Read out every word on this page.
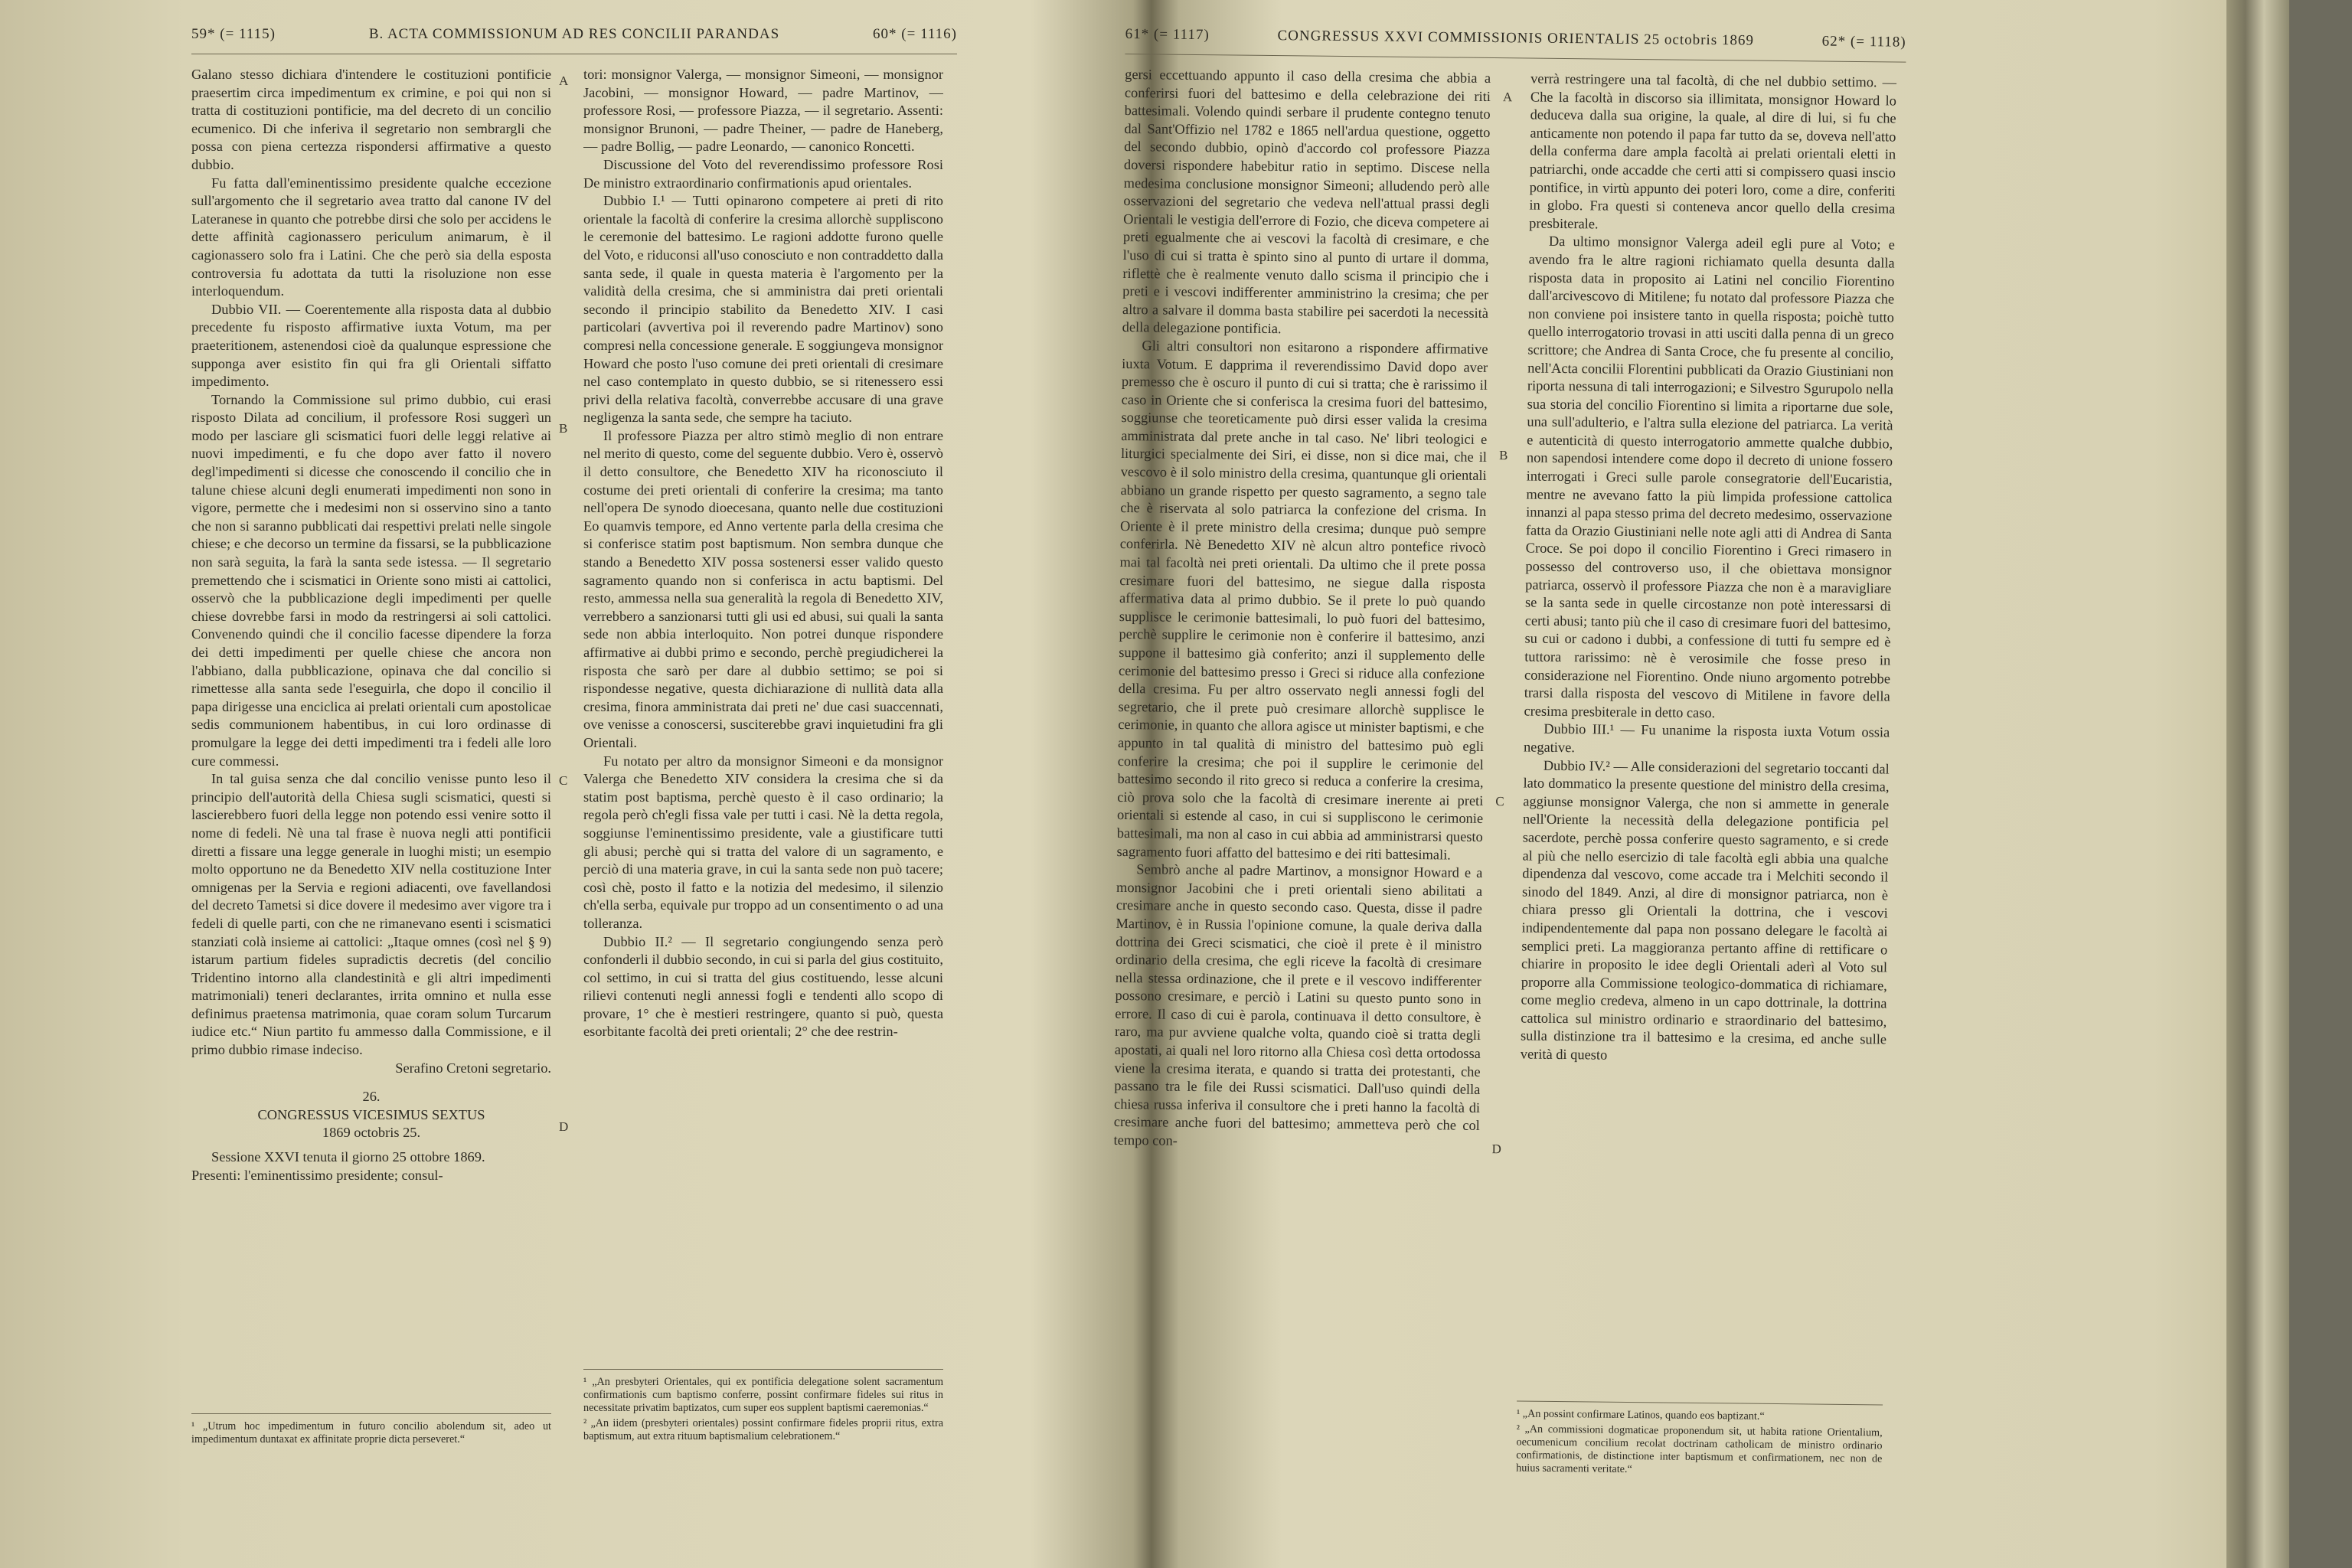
59* (= 1115)	B. ACTA COMMISSIONUM AD RES CONCILII PARANDAS	60* (= 1116)

Galano stesso dichiara d'intendere le costituzioni pontificie praesertim circa impedimentum ex crimine, e poi qui non si tratta di costituzioni pontificie, ma del decreto di un concilio ecumenico. Di che inferiva il segretario non sembrargli che possa con piena certezza rispondersi affirmative a questo dubbio.

Fu fatta dall'eminentissimo presidente qualche eccezione sull'argomento che il segretario avea tratto dal canone IV del Lateranese in quanto che potrebbe dirsi che solo per accidens le dette affinità cagionassero periculum animarum, è il cagionassero solo fra i Latini. Che che però sia della esposta controversia fu adottata da tutti la risoluzione non esse interloquendum.

Dubbio VII. — Coerentemente alla risposta data al dubbio precedente fu risposto affirmative iuxta Votum, ma per praeteritionem, astenendosi cioè da qualunque espressione che supponga aver esistito fin qui fra gli Orientali siffatto impedimento.

Tornando la Commissione sul primo dubbio, cui erasi risposto Dilata ad concilium, il professore Rosi suggerì un modo per lasciare gli scismatici fuori delle leggi relative ai nuovi impedimenti, e fu che dopo aver fatto il novero degl'impedimenti si dicesse che conoscendo il concilio che in talune chiese alcuni degli enumerati impedimenti non sono in vigore, permette che i medesimi non si osservino sino a tanto che non si saranno pubblicati dai respettivi prelati nelle singole chiese; e che decorso un termine da fissarsi, se la pubblicazione non sarà seguita, la farà la santa sede istessa. — Il segretario premettendo che i scismatici in Oriente sono misti ai cattolici, osservò che la pubblicazione degli impedimenti per quelle chiese dovrebbe farsi in modo da restringersi ai soli cattolici. Convenendo quindi che il concilio facesse dipendere la forza dei detti impedimenti per quelle chiese che ancora non l'abbiano, dalla pubblicazione, opinava che dal concilio si rimettesse alla santa sede l'eseguirla, che dopo il concilio il papa dirigesse una enciclica ai prelati orientali cum apostolicae sedis communionem habentibus, in cui loro ordinasse di promulgare la legge dei detti impedimenti tra i fedeli alle loro cure commessi.

In tal guisa senza che dal concilio venisse punto leso il principio dell'autorità della Chiesa sugli scismatici, questi si lascierebbero fuori della legge non potendo essi venire sotto il nome di fedeli. Nè una tal frase è nuova negli atti pontificii diretti a fissare una legge generale in luoghi misti; un esempio molto opportuno ne da Benedetto XIV nella costituzione Inter omnigenas per la Servia e regioni adiacenti, ove favellandosi del decreto Tametsi si dice dovere il medesimo aver vigore tra i fedeli di quelle parti, con che ne rimanevano esenti i scismatici stanziati colà insieme ai cattolici: „Itaque omnes (così nel § 9) istarum partium fideles supradictis decretis (del concilio Tridentino intorno alla clandestinità e gli altri impedimenti matrimoniali) teneri declarantes, irrita omnino et nulla esse definimus praetensa matrimonia, quae coram solum Turcarum iudice etc.“ Niun partito fu ammesso dalla Commissione, e il primo dubbio rimase indeciso.

Serafino Cretoni segretario.

26.

CONGRESSUS VICESIMUS SEXTUS

1869 octobris 25.

Sessione XXVI tenuta il giorno 25 ottobre 1869.

Presenti: l'eminentissimo presidente; consul-

tori: monsignor Valerga, — monsignor Simeoni, — monsignor Jacobini, — monsignor Howard, — padre Martinov, — professore Rosi, — professore Piazza, — il segretario. Assenti: monsignor Brunoni, — padre Theiner, — padre de Haneberg, — padre Bollig, — padre Leonardo, — canonico Roncetti.

Discussione del Voto del reverendissimo professore Rosi De ministro extraordinario confirmationis apud orientales.

Dubbio I.¹ — Tutti opinarono competere ai preti di rito orientale la facoltà di conferire la cresima allorchè suppliscono le ceremonie del battesimo. Le ragioni addotte furono quelle del Voto, e riduconsi all'uso conosciuto e non contraddetto dalla santa sede, il quale in questa materia è l'argomento per la validità della cresima, che si amministra dai preti orientali secondo il principio stabilito da Benedetto XIV. I casi particolari (avvertiva poi il reverendo padre Martinov) sono compresi nella concessione generale. E soggiungeva monsignor Howard che posto l'uso comune dei preti orientali di cresimare nel caso contemplato in questo dubbio, se si ritenessero essi privi della relativa facoltà, converrebbe accusare di una grave negligenza la santa sede, che sempre ha taciuto.

Il professore Piazza per altro stimò meglio di non entrare nel merito di questo, come del seguente dubbio. Vero è, osservò il detto consultore, che Benedetto XIV ha riconosciuto il costume dei preti orientali di conferire la cresima; ma tanto nell'opera De synodo dioecesana, quanto nelle due costituzioni Eo quamvis tempore, ed Anno vertente parla della cresima che si conferisce statim post baptismum. Non sembra dunque che stando a Benedetto XIV possa sostenersi esser valido questo sagramento quando non si conferisca in actu baptismi. Del resto, ammessa nella sua generalità la regola di Benedetto XIV, verrebbero a sanzionarsi tutti gli usi ed abusi, sui quali la santa sede non abbia interloquito. Non potrei dunque rispondere affirmative ai dubbi primo e secondo, perchè pregiudicherei la risposta che sarò per dare al dubbio settimo; se poi si rispondesse negative, questa dichiarazione di nullità data alla cresima, finora amministrata dai preti ne' due casi suaccennati, ove venisse a conoscersi, susciterebbe gravi inquietudini fra gli Orientali.

Fu notato per altro da monsignor Simeoni e da monsignor Valerga che Benedetto XIV considera la cresima che si da statim post baptisma, perchè questo è il caso ordinario; la regola però ch'egli fissa vale per tutti i casi. Nè la detta regola, soggiunse l'eminentissimo presidente, vale a giustificare tutti gli abusi; perchè qui si tratta del valore di un sagramento, e perciò di una materia grave, in cui la santa sede non può tacere; così chè, posto il fatto e la notizia del medesimo, il silenzio ch'ella serba, equivale pur troppo ad un consentimento o ad una tolleranza.

Dubbio II.² — Il segretario congiungendo senza però confonderli il dubbio secondo, in cui si parla del gius costituito, col settimo, in cui si tratta del gius costituendo, lesse alcuni rilievi contenuti negli annessi fogli e tendenti allo scopo di provare, 1° che è mestieri restringere, quanto si può, questa esorbitante facoltà dei preti orientali; 2° che dee restrin-

¹ „Utrum hoc impedimentum in futuro concilio abolendum sit, adeo ut impedimentum duntaxat ex affinitate proprie dicta perseveret.“

¹ „An presbyteri Orientales, qui ex pontificia delegatione solent sacramentum confirmationis cum baptismo conferre, possint confirmare fideles sui ritus in necessitate privatim baptizatos, cum super eos supplent baptismi caeremonias.“

² „An iidem (presbyteri orientales) possint confirmare fideles proprii ritus, extra baptismum, aut extra rituum baptismalium celebrationem.“

A
B
C
D
61* (= 1117)	CONGRESSUS XXVI COMMISSIONIS ORIENTALIS 25 octobris 1869	62* (= 1118)

gersi eccettuando appunto il caso della cresima che abbia a conferirsi fuori del battesimo e della celebrazione dei riti battesimali. Volendo quindi serbare il prudente contegno tenuto dal Sant'Offizio nel 1782 e 1865 nell'ardua questione, oggetto del secondo dubbio, opinò d'accordo col professore Piazza doversi rispondere habebitur ratio in septimo. Discese nella medesima conclusione monsignor Simeoni; alludendo però alle osservazioni del segretario che vedeva nell'attual prassi degli Orientali le vestigia dell'errore di Fozio, che diceva competere ai preti egualmente che ai vescovi la facoltà di cresimare, e che l'uso di cui si tratta è spinto sino al punto di urtare il domma, riflettè che è realmente venuto dallo scisma il principio che i preti e i vescovi indifferenter amministrino la cresima; che per altro a salvare il domma basta stabilire pei sacerdoti la necessità della delegazione pontificia.

Gli altri consultori non esitarono a rispondere affirmative iuxta Votum. E dapprima il reverendissimo David dopo aver premesso che è oscuro il punto di cui si tratta; che è rarissimo il caso in Oriente che si conferisca la cresima fuori del battesimo, soggiunse che teoreticamente può dirsi esser valida la cresima amministrata dal prete anche in tal caso. Ne' libri teologici e liturgici specialmente dei Siri, ei disse, non si dice mai, che il vescovo è il solo ministro della cresima, quantunque gli orientali abbiano un grande rispetto per questo sagramento, a segno tale che è riservata al solo patriarca la confezione del crisma. In Oriente è il prete ministro della cresima; dunque può sempre conferirla. Nè Benedetto XIV nè alcun altro pontefice rivocò mai tal facoltà nei preti orientali. Da ultimo che il prete possa cresimare fuori del battesimo, ne siegue dalla risposta affermativa data al primo dubbio. Se il prete lo può quando supplisce le cerimonie battesimali, lo può fuori del battesimo, perchè supplire le cerimonie non è conferire il battesimo, anzi suppone il battesimo già conferito; anzi il supplemento delle cerimonie del battesimo presso i Greci si riduce alla confezione della cresima. Fu per altro osservato negli annessi fogli del segretario, che il prete può cresimare allorchè supplisce le cerimonie, in quanto che allora agisce ut minister baptismi, e che appunto in tal qualità di ministro del battesimo può egli conferire la cresima; che poi il supplire le cerimonie del battesimo secondo il rito greco si reduca a conferire la cresima, ciò prova solo che la facoltà di cresimare inerente ai preti orientali si estende al caso, in cui si suppliscono le cerimonie battesimali, ma non al caso in cui abbia ad amministrarsi questo sagramento fuori affatto del battesimo e dei riti battesimali.

Sembrò anche al padre Martinov, a monsignor Howard e a monsignor Jacobini che i preti orientali sieno abilitati a cresimare anche in questo secondo caso. Questa, disse il padre Martinov, è in Russia l'opinione comune, la quale deriva dalla dottrina dei Greci scismatici, che cioè il prete è il ministro ordinario della cresima, che egli riceve la facoltà di cresimare nella stessa ordinazione, che il prete e il vescovo indifferenter possono cresimare, e perciò i Latini su questo punto sono in errore. Il caso di cui è parola, continuava il detto consultore, è raro, ma pur avviene qualche volta, quando cioè si tratta degli apostati, ai quali nel loro ritorno alla Chiesa così detta ortodossa viene la cresima iterata, e quando si tratta dei protestanti, che passano tra le file dei Russi scismatici. Dall'uso quindi della chiesa russa inferiva il consultore che i preti hanno la facoltà di cresimare anche fuori del battesimo; ammetteva però che col tempo con-

verrà restringere una tal facoltà, di che nel dubbio settimo. — Che la facoltà in discorso sia illimitata, monsignor Howard lo deduceva dalla sua origine, la quale, al dire di lui, si fu che anticamente non potendo il papa far tutto da se, doveva nell'atto della conferma dare ampla facoltà ai prelati orientali eletti in patriarchi, onde accadde che certi atti si compissero quasi inscio pontifice, in virtù appunto dei poteri loro, come a dire, conferiti in globo. Fra questi si conteneva ancor quello della cresima presbiterale.

Da ultimo monsignor Valerga adeil egli pure al Voto; e avendo fra le altre ragioni richiamato quella desunta dalla risposta data in proposito ai Latini nel concilio Fiorentino dall'arcivescovo di Mitilene; fu notato dal professore Piazza che non conviene poi insistere tanto in quella risposta; poichè tutto quello interrogatorio trovasi in atti usciti dalla penna di un greco scrittore; che Andrea di Santa Croce, che fu presente al concilio, nell'Acta concilii Florentini pubblicati da Orazio Giustiniani non riporta nessuna di tali interrogazioni; e Silvestro Sgurupolo nella sua storia del concilio Fiorentino si limita a riportarne due sole, una sull'adulterio, e l'altra sulla elezione del patriarca. La verità e autenticità di questo interrogatorio ammette qualche dubbio, non sapendosi intendere come dopo il decreto di unione fossero interrogati i Greci sulle parole consegratorie dell'Eucaristia, mentre ne avevano fatto la più limpida professione cattolica innanzi al papa stesso prima del decreto medesimo, osservazione fatta da Orazio Giustiniani nelle note agli atti di Andrea di Santa Croce. Se poi dopo il concilio Fiorentino i Greci rimasero in possesso del controverso uso, il che obiettava monsignor patriarca, osservò il professore Piazza che non è a maravigliare se la santa sede in quelle circostanze non potè interessarsi di certi abusi; tanto più che il caso di cresimare fuori del battesimo, su cui or cadono i dubbi, a confessione di tutti fu sempre ed è tuttora rarissimo: nè è verosimile che fosse preso in considerazione nel Fiorentino. Onde niuno argomento potrebbe trarsi dalla risposta del vescovo di Mitilene in favore della cresima presbiterale in detto caso.

Dubbio III.¹ — Fu unanime la risposta iuxta Votum ossia negative.

Dubbio IV.² — Alle considerazioni del segretario toccanti dal lato dommatico la presente questione del ministro della cresima, aggiunse monsignor Valerga, che non si ammette in generale nell'Oriente la necessità della delegazione pontificia pel sacerdote, perchè possa conferire questo sagramento, e si crede al più che nello esercizio di tale facoltà egli abbia una qualche dipendenza dal vescovo, come accade tra i Melchiti secondo il sinodo del 1849. Anzi, al dire di monsignor patriarca, non è chiara presso gli Orientali la dottrina, che i vescovi indipendentemente dal papa non possano delegare le facoltà ai semplici preti. La maggioranza pertanto affine di rettificare o chiarire in proposito le idee degli Orientali aderì al Voto sul proporre alla Commissione teologico-dommatica di richiamare, come meglio credeva, almeno in un capo dottrinale, la dottrina cattolica sul ministro ordinario e straordinario del battesimo, sulla distinzione tra il battesimo e la cresima, ed anche sulle verità di questo

¹ „An possint confirmare Latinos, quando eos baptizant.“

² „An commissioni dogmaticae proponendum sit, ut habita ratione Orientalium, oecumenicum concilium recolat doctrinam catholicam de ministro ordinario confirmationis, de distinctione inter baptismum et confirmationem, nec non de huius sacramenti veritate.“

A
B
C
D
